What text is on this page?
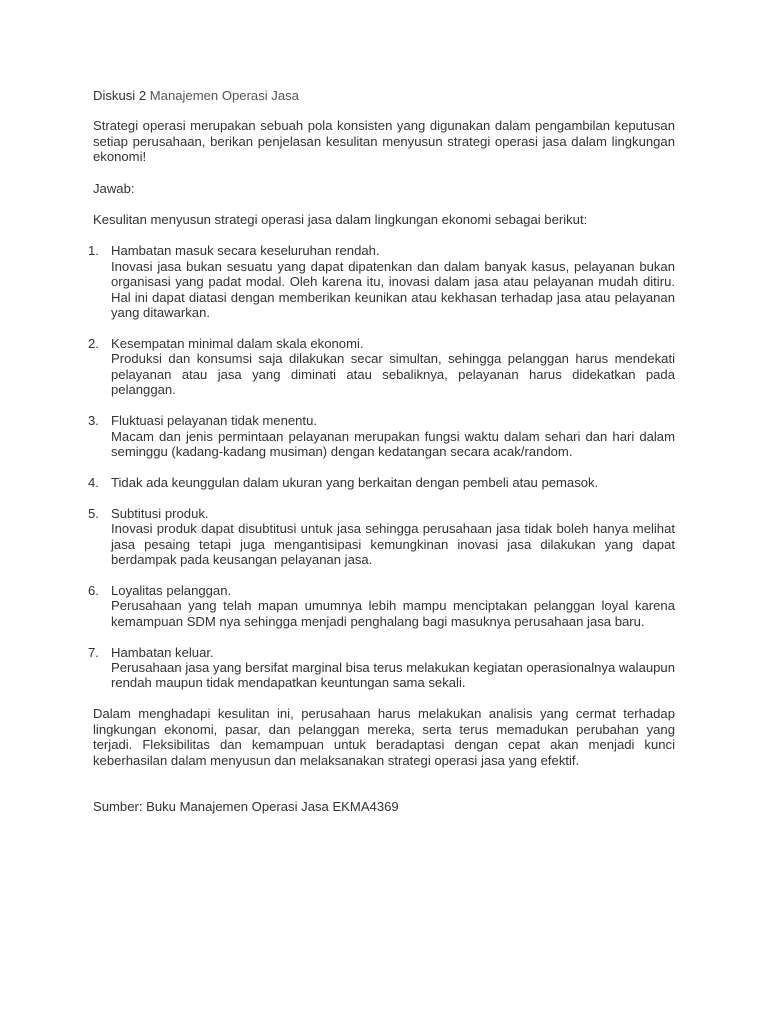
Diskusi 2 Manajemen Operasi Jasa

Strategi operasi merupakan sebuah pola konsisten yang digunakan dalam pengambilan keputusan setiap perusahaan, berikan penjelasan kesulitan menyusun strategi operasi jasa dalam lingkungan ekonomi!

Jawab:

Kesulitan menyusun strategi operasi jasa dalam lingkungan ekonomi sebagai berikut:

1. Hambatan masuk secara keseluruhan rendah.
Inovasi jasa bukan sesuatu yang dapat dipatenkan dan dalam banyak kasus, pelayanan bukan organisasi yang padat modal. Oleh karena itu, inovasi dalam jasa atau pelayanan mudah ditiru. Hal ini dapat diatasi dengan memberikan keunikan atau kekhasan terhadap jasa atau pelayanan yang ditawarkan.
2. Kesempatan minimal dalam skala ekonomi.
Produksi dan konsumsi saja dilakukan secar simultan, sehingga pelanggan harus mendekati pelayanan atau jasa yang diminati atau sebaliknya, pelayanan harus didekatkan pada pelanggan.
3. Fluktuasi pelayanan tidak menentu.
Macam dan jenis permintaan pelayanan merupakan fungsi waktu dalam sehari dan hari dalam seminggu (kadang-kadang musiman) dengan kedatangan secara acak/random.
4. Tidak ada keunggulan dalam ukuran yang berkaitan dengan pembeli atau pemasok.
5. Subtitusi produk.
Inovasi produk dapat disubtitusi untuk jasa sehingga perusahaan jasa tidak boleh hanya melihat jasa pesaing tetapi juga mengantisipasi kemungkinan inovasi jasa dilakukan yang dapat berdampak pada keusangan pelayanan jasa.
6. Loyalitas pelanggan.
Perusahaan yang telah mapan umumnya lebih mampu menciptakan pelanggan loyal karena kemampuan SDM nya sehingga menjadi penghalang bagi masuknya perusahaan jasa baru.
7. Hambatan keluar.
Perusahaan jasa yang bersifat marginal bisa terus melakukan kegiatan operasionalnya walaupun rendah maupun tidak mendapatkan keuntungan sama sekali.

Dalam menghadapi kesulitan ini, perusahaan harus melakukan analisis yang cermat terhadap lingkungan ekonomi, pasar, dan pelanggan mereka, serta terus memadukan perubahan yang terjadi. Fleksibilitas dan kemampuan untuk beradaptasi dengan cepat akan menjadi kunci keberhasilan dalam menyusun dan melaksanakan strategi operasi jasa yang efektif.

Sumber: Buku Manajemen Operasi Jasa EKMA4369
